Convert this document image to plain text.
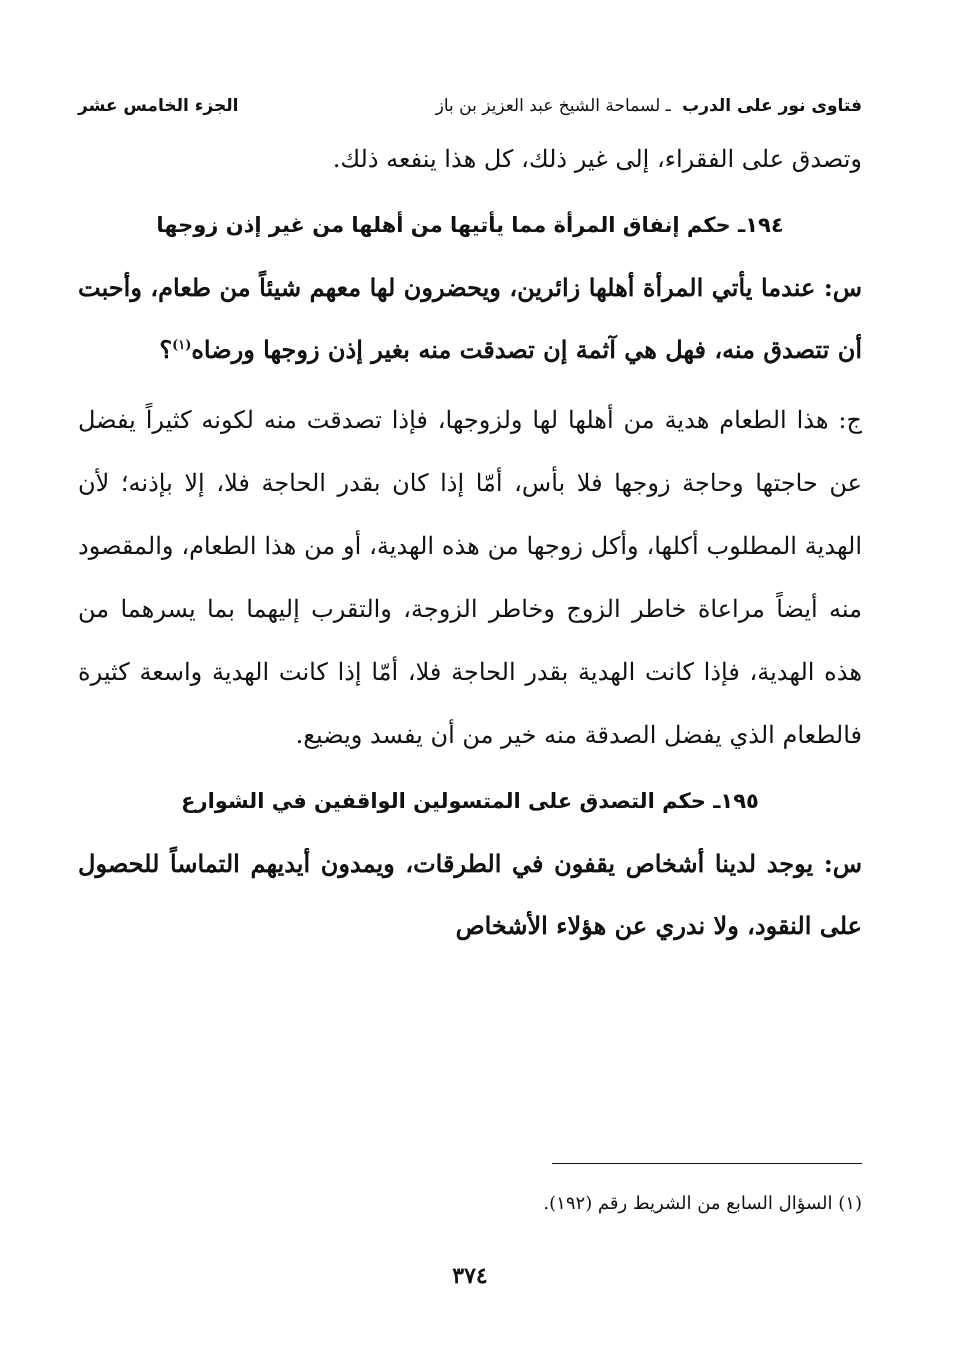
فتاوى نور على الدرب ـ لسماحة الشيخ عبد العزيز بن باز
الجزء الخامس عشر

وتصدق على الفقراء، إلى غير ذلك، كل هذا ينفعه ذلك.

١٩٤ـ حكم إنفاق المرأة مما يأتيها من أهلها من غير إذن زوجها

س: عندما يأتي المرأة أهلها زائرين، ويحضرون لها معهم شيئاً من طعام، وأحبت أن تتصدق منه، فهل هي آثمة إن تصدقت منه بغير إذن زوجها ورضاه$^{(١)}$؟

ج: هذا الطعام هدية من أهلها لها ولزوجها، فإذا تصدقت منه لكونه كثيراً يفضل عن حاجتها وحاجة زوجها فلا بأس، أمّا إذا كان بقدر الحاجة فلا، إلا بإذنه؛ لأن الهدية المطلوب أكلها، وأكل زوجها من هذه الهدية، أو من هذا الطعام، والمقصود منه أيضاً مراعاة خاطر الزوج وخاطر الزوجة، والتقرب إليهما بما يسرهما من هذه الهدية، فإذا كانت الهدية بقدر الحاجة فلا، أمّا إذا كانت الهدية واسعة كثيرة فالطعام الذي يفضل الصدقة منه خير من أن يفسد ويضيع.

١٩٥ـ حكم التصدق على المتسولين الواقفين في الشوارع

س: يوجد لدينا أشخاص يقفون في الطرقات، ويمدون أيديهم التماساً للحصول على النقود، ولا ندري عن هؤلاء الأشخاص

(١) السؤال السابع من الشريط رقم (١٩٢).
٣٧٤
